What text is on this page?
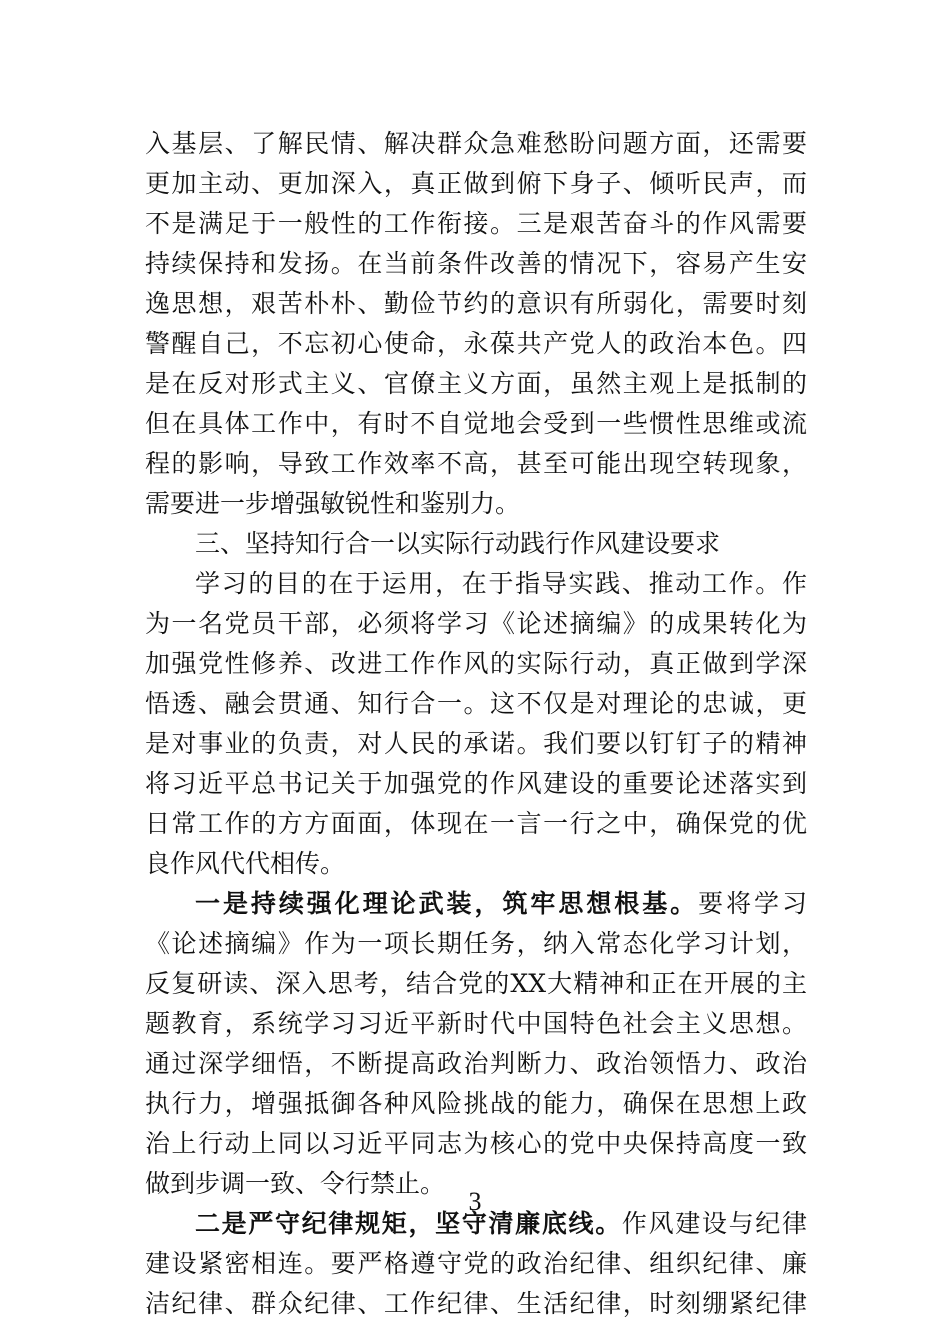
入基层、了解民情、解决群众急难愁盼问题方面，还需要
更加主动、更加深入，真正做到俯下身子、倾听民声，而
不是满足于一般性的工作衔接。三是艰苦奋斗的作风需要
持续保持和发扬。在当前条件改善的情况下，容易产生安
逸思想，艰苦朴朴、勤俭节约的意识有所弱化，需要时刻
警醒自己，不忘初心使命，永葆共产党人的政治本色。四
是在反对形式主义、官僚主义方面，虽然主观上是抵制的
但在具体工作中，有时不自觉地会受到一些惯性思维或流
程的影响，导致工作效率不高，甚至可能出现空转现象，
需要进一步增强敏锐性和鉴别力。
三、坚持知行合一以实际行动践行作风建设要求
学习的目的在于运用，在于指导实践、推动工作。作
为一名党员干部，必须将学习《论述摘编》的成果转化为
加强党性修养、改进工作作风的实际行动，真正做到学深
悟透、融会贯通、知行合一。这不仅是对理论的忠诚，更
是对事业的负责，对人民的承诺。我们要以钉钉子的精神
将习近平总书记关于加强党的作风建设的重要论述落实到
日常工作的方方面面，体现在一言一行之中，确保党的优
良作风代代相传。
一是持续强化理论武装，筑牢思想根基。要将学习
《论述摘编》作为一项长期任务，纳入常态化学习计划，
反复研读、深入思考，结合党的XX大精神和正在开展的主
题教育，系统学习习近平新时代中国特色社会主义思想。
通过深学细悟，不断提高政治判断力、政治领悟力、政治
执行力，增强抵御各种风险挑战的能力，确保在思想上政
治上行动上同以习近平同志为核心的党中央保持高度一致
做到步调一致、令行禁止。
二是严守纪律规矩，坚守清廉底线。作风建设与纪律
建设紧密相连。要严格遵守党的政治纪律、组织纪律、廉
洁纪律、群众纪律、工作纪律、生活纪律，时刻绷紧纪律
3
